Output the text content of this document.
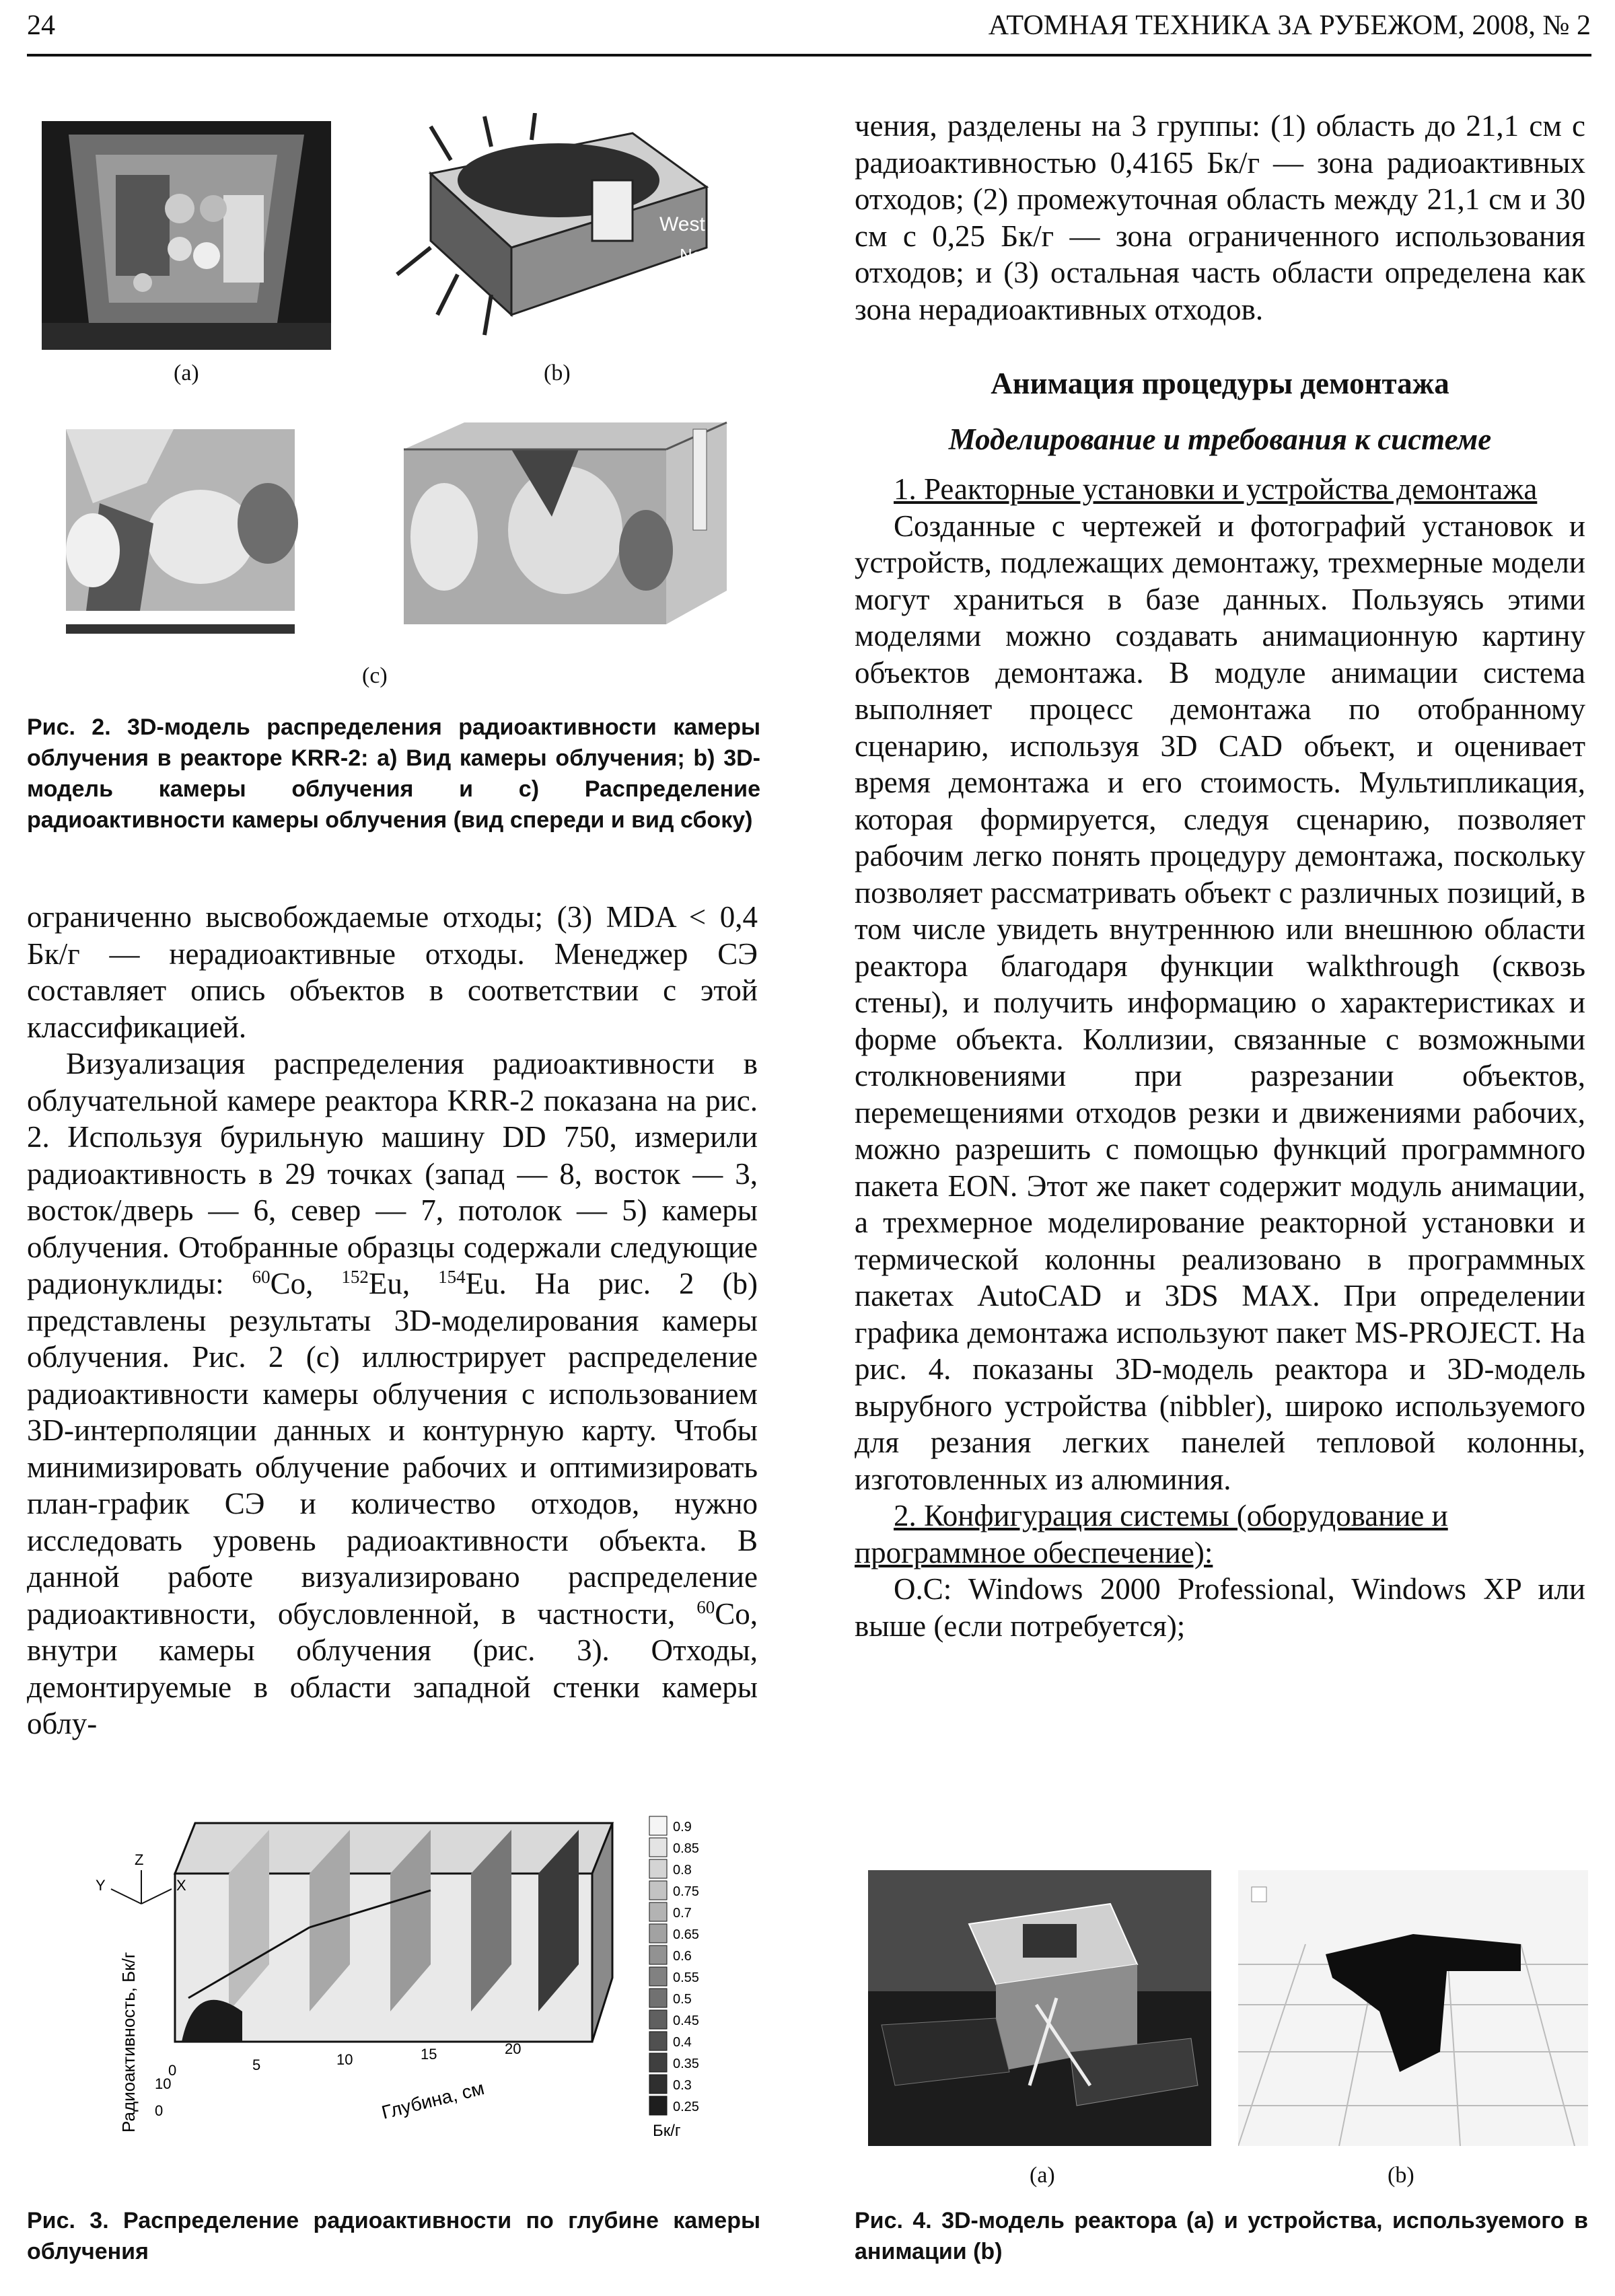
24	АТОМНАЯ ТЕХНИКА ЗА РУБЕЖОМ, 2008, № 2
(a)
West
North
East
(b)
(c)
Рис. 2. 3D-модель распределения радиоактивности камеры облучения в реакторе KRR-2: а) Вид камеры облучения; b) 3D-модель камеры облучения и с) Распределение радиоактивности камеры облучения (вид спереди и вид сбоку)

ограниченно высвобождаемые отходы; (3) MDA < 0,4 Бк/г — нерадиоактивные отходы. Менеджер СЭ составляет опись объектов в соответствии с этой классификацией.

Визуализация распределения радиоактивности в облучательной камере реактора KRR-2 показана на рис. 2. Используя бурильную машину DD 750, измерили радиоактивность в 29 точках (запад — 8, восток — 3, восток/дверь — 6, север — 7, потолок — 5) камеры облучения. Отобранные образцы содержали следующие радионуклиды: $^{60}$Co, $^{152}$Eu, $^{154}$Eu. На рис. 2 (b) представлены результаты 3D-моделирования камеры облучения. Рис. 2 (с) иллюстрирует распределение радиоактивности камеры облучения с использованием 3D-интерполяции данных и контурную карту. Чтобы минимизировать облучение рабочих и оптимизировать план-график СЭ и количество отходов, нужно исследовать уровень радиоактивности объекта. В данной работе визуализировано распределение радиоактивности, обусловленной, в частности, $^{60}$Co, внутри камеры облучения (рис. 3). Отходы, демонтируемые в области западной стенки камеры облу-

Z
X
Y
Радиоактивность, Бк/г	Глубина, см
0	5	10	15	20
0
10
0.9
0.85
0.8
0.75
0.7
0.65
0.6
0.55
0.5
0.45
0.4
0.35
0.3
0.25
Бк/г
Рис. 3. Распределение радиоактивности по глубине камеры облучения

чения, разделены на 3 группы: (1) область до 21,1 см с радиоактивностью 0,4165 Бк/г — зона радиоактивных отходов; (2) промежуточная область между 21,1 см и 30 см с 0,25 Бк/г — зона ограниченного использования отходов; и (3) остальная часть области определена как зона нерадиоактивных отходов.

Анимация процедуры демонтажа

Моделирование и требования к системе

1. Реакторные установки и устройства демонтажа

Созданные с чертежей и фотографий установок и устройств, подлежащих демонтажу, трехмерные модели могут храниться в базе данных. Пользуясь этими моделями можно создавать анимационную картину объектов демонтажа. В модуле анимации система выполняет процесс демонтажа по отобранному сценарию, используя 3D CAD объект, и оценивает время демонтажа и его стоимость. Мультипликация, которая формируется, следуя сценарию, позволяет рабочим легко понять процедуру демонтажа, поскольку позволяет рассматривать объект с различных позиций, в том числе увидеть внутреннюю или внешнюю области реактора благодаря функции walkthrough (сквозь стены), и получить информацию о характеристиках и форме объекта. Коллизии, связанные с возможными столкновениями при разрезании объектов, перемещениями отходов резки и движениями рабочих, можно разрешить с помощью функций программного пакета EON. Этот же пакет содержит модуль анимации, а трехмерное моделирование реакторной установки и термической колонны реализовано в программных пакетах AutoCAD и 3DS MAX. При определении графика демонтажа используют пакет MS-PROJECT. На рис. 4. показаны 3D-модель реактора и 3D-модель вырубного устройства (nibbler), широко используемого для резания легких панелей тепловой колонны, изготовленных из алюминия.

2. Конфигурация системы (оборудование и программное обеспечение):

O.C: Windows 2000 Professional, Windows XP или выше (если потребуется);

(a)	(b)
Рис. 4. 3D-модель реактора (а) и устройства, используемого в анимации (b)
